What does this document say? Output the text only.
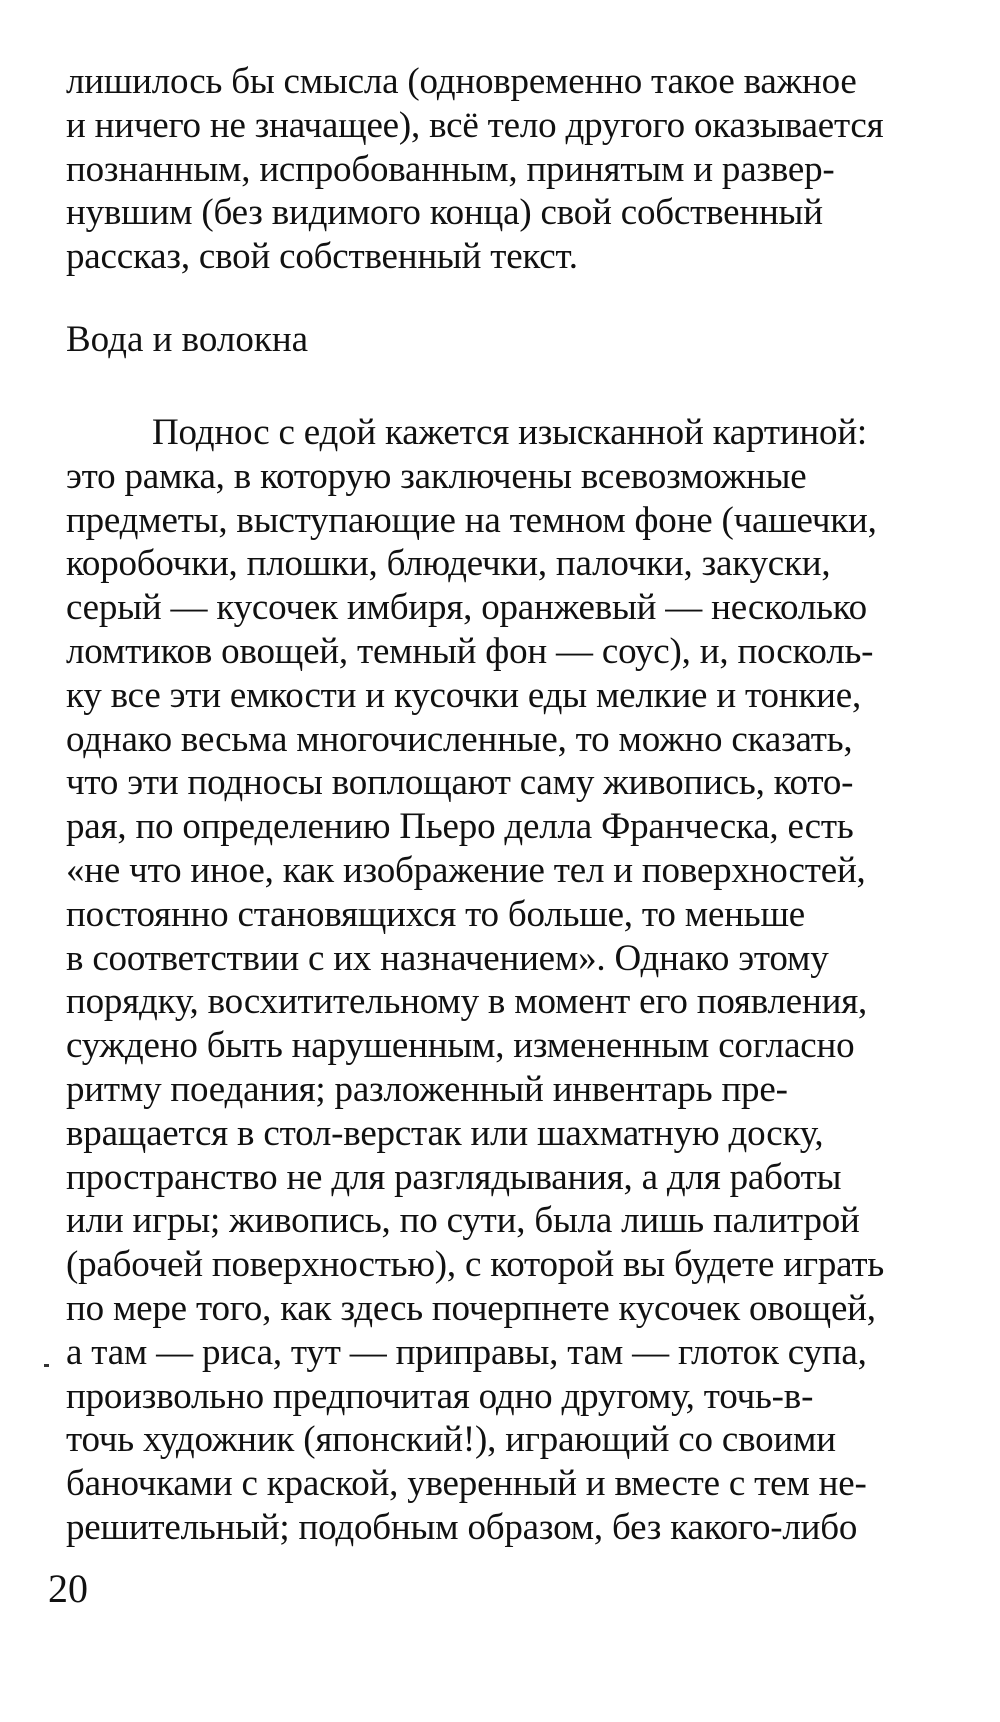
лишилось бы смысла (одновременно такое важное
и ничего не значащее), всё тело другого оказывается
познанным, испробованным, принятым и развер-
нувшим (без видимого конца) свой собственный
рассказ, свой собственный текст.
Вода и волокна
Поднос с едой кажется изысканной картиной:
это рамка, в которую заключены всевозможные
предметы, выступающие на темном фоне (чашечки,
коробочки, плошки, блюдечки, палочки, закуски,
серый — кусочек имбиря, оранжевый — несколько
ломтиков овощей, темный фон — соус), и, посколь-
ку все эти емкости и кусочки еды мелкие и тонкие,
однако весьма многочисленные, то можно сказать,
что эти подносы воплощают саму живопись, кото-
рая, по определению Пьеро делла Франческа, есть
«не что иное, как изображение тел и поверхностей,
постоянно становящихся то больше, то меньше
в соответствии с их назначением». Однако этому
порядку, восхитительному в момент его появления,
суждено быть нарушенным, измененным согласно
ритму поедания; разложенный инвентарь пре-
вращается в стол-верстак или шахматную доску,
пространство не для разглядывания, а для работы
или игры; живопись, по сути, была лишь палитрой
(рабочей поверхностью), с которой вы будете играть
по мере того, как здесь почерпнете кусочек овощей,
а там — риса, тут — приправы, там — глоток супа,
произвольно предпочитая одно другому, точь-в-
точь художник (японский!), играющий со своими
баночками с краской, уверенный и вместе с тем не-
решительный; подобным образом, без какого-либо
20
